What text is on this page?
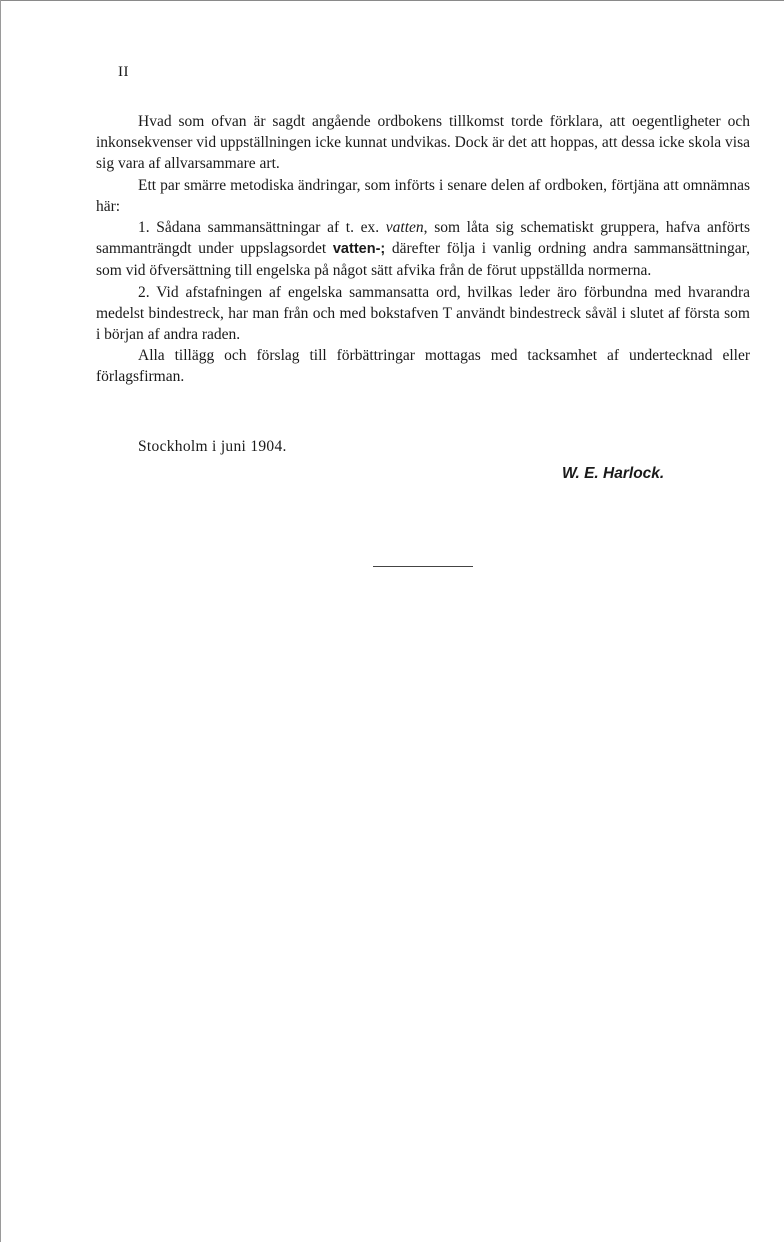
II

Hvad som ofvan är sagdt angående ordbokens tillkomst torde förklara, att oegentligheter och inkonsekvenser vid uppställningen icke kunnat undvikas. Dock är det att hoppas, att dessa icke skola visa sig vara af allvarsammare art.

Ett par smärre metodiska ändringar, som införts i senare delen af ordboken, förtjäna att omnämnas här:

1. Sådana sammansättningar af t. ex. vatten, som låta sig schematiskt gruppera, hafva anförts sammanträngdt under uppslagsordet vatten-; därefter följa i vanlig ordning andra sammansättningar, som vid öfversättning till engelska på något sätt afvika från de förut uppställda normerna.

2. Vid afstafningen af engelska sammansatta ord, hvilkas leder äro förbundna med hvarandra medelst bindestreck, har man från och med bokstafven T användt bindestreck såväl i slutet af första som i början af andra raden.

Alla tillägg och förslag till förbättringar mottagas med tacksamhet af undertecknad eller förlagsfirman.

Stockholm i juni 1904.
W. E. Harlock.
